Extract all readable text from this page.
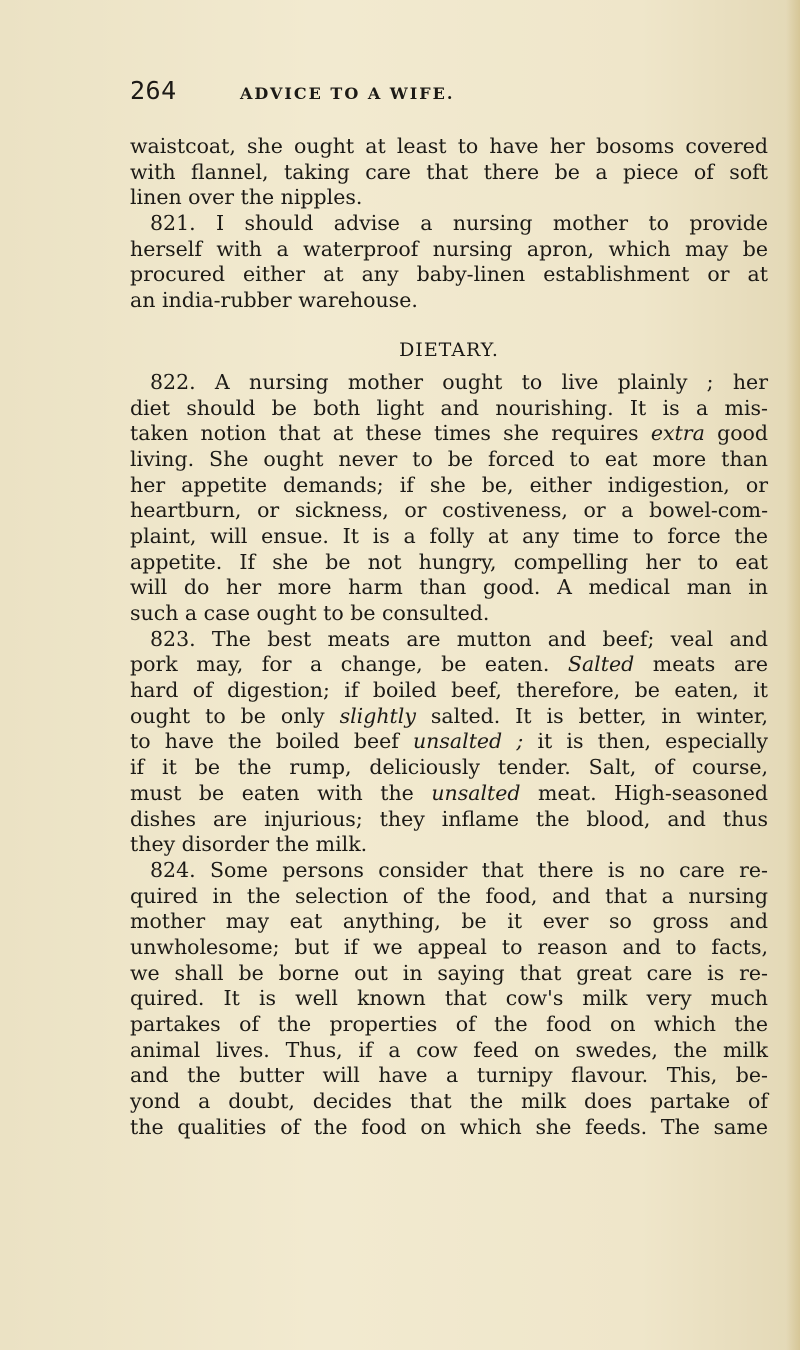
264	ADVICE TO A WIFE.
waistcoat, she ought at least to have her bosoms covered
with flannel, taking care that there be a piece of soft
linen over the nipples.
821. I should advise a nursing mother to provide
herself with a waterproof nursing apron, which may be
procured either at any baby-linen establishment or at
an india-rubber warehouse.
DIETARY.
822. A nursing mother ought to live plainly ; her
diet should be both light and nourishing. It is a mis-
taken notion that at these times she requires extra good
living. She ought never to be forced to eat more than
her appetite demands; if she be, either indigestion, or
heartburn, or sickness, or costiveness, or a bowel-com-
plaint, will ensue. It is a folly at any time to force the
appetite. If she be not hungry, compelling her to eat
will do her more harm than good. A medical man in
such a case ought to be consulted.
823. The best meats are mutton and beef; veal and
pork may, for a change, be eaten. Salted meats are
hard of digestion; if boiled beef, therefore, be eaten, it
ought to be only slightly salted. It is better, in winter,
to have the boiled beef unsalted ; it is then, especially
if it be the rump, deliciously tender. Salt, of course,
must be eaten with the unsalted meat. High-seasoned
dishes are injurious; they inflame the blood, and thus
they disorder the milk.
824. Some persons consider that there is no care re-
quired in the selection of the food, and that a nursing
mother may eat anything, be it ever so gross and
unwholesome; but if we appeal to reason and to facts,
we shall be borne out in saying that great care is re-
quired. It is well known that cow's milk very much
partakes of the properties of the food on which the
animal lives. Thus, if a cow feed on swedes, the milk
and the butter will have a turnipy flavour. This, be-
yond a doubt, decides that the milk does partake of
the qualities of the food on which she feeds. The same
